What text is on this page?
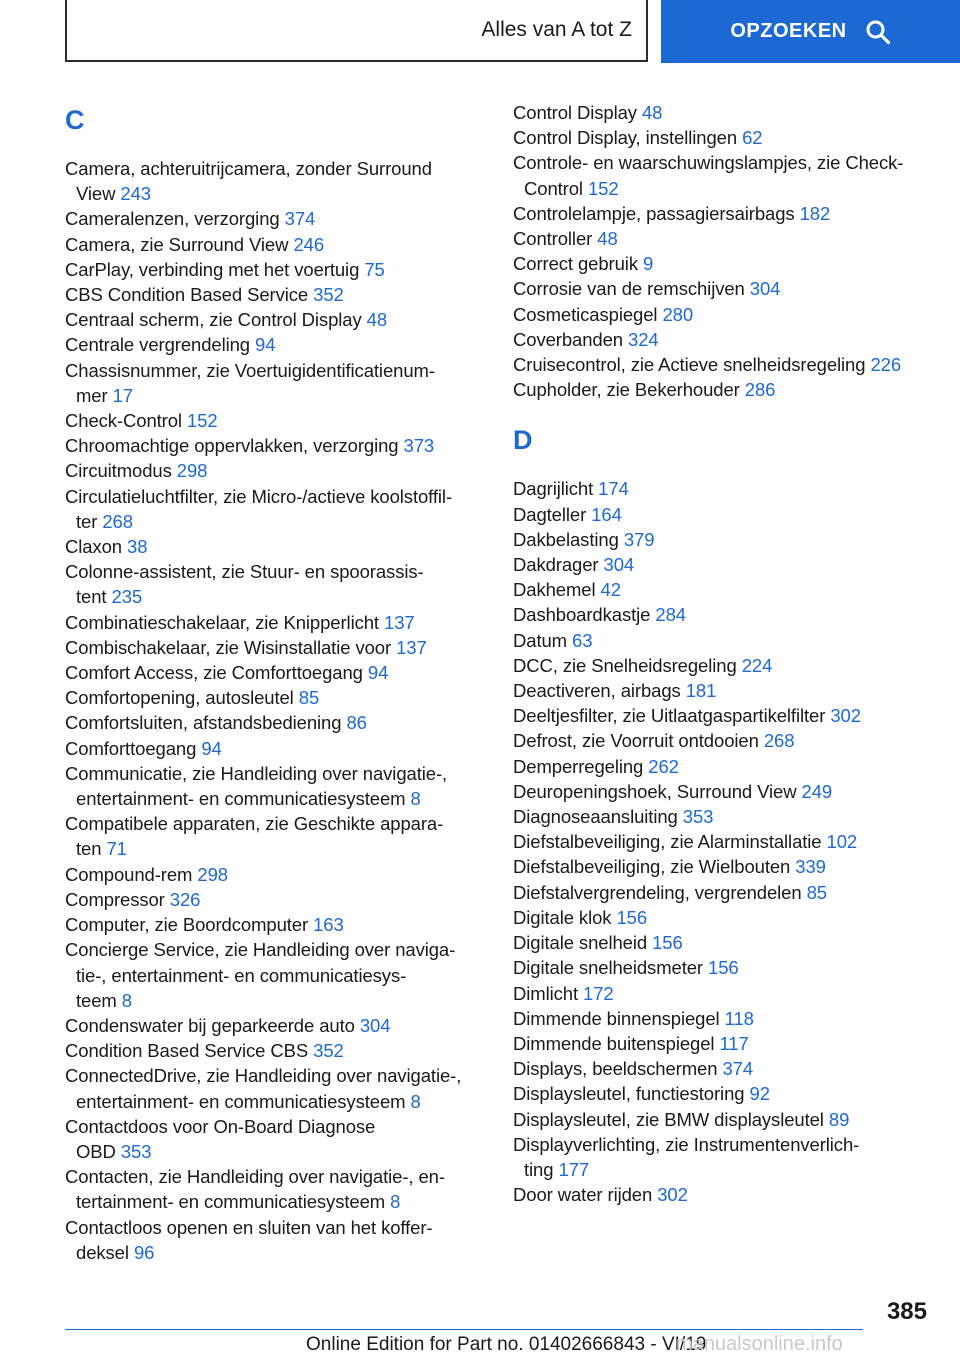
Alles van A tot Z	OPZOEKEN
C

Camera, achteruitrijcamera, zonder Surround
View 243

Cameralenzen, verzorging 374

Camera, zie Surround View 246

CarPlay, verbinding met het voertuig 75

CBS Condition Based Service 352

Centraal scherm, zie Control Display 48

Centrale vergrendeling 94

Chassisnummer, zie Voertuigidentificatienum-
mer 17

Check-Control 152

Chroomachtige oppervlakken, verzorging 373

Circuitmodus 298

Circulatieluchtfilter, zie Micro-/actieve koolstoffil-
ter 268

Claxon 38

Colonne-assistent, zie Stuur- en spoorassis-
tent 235

Combinatieschakelaar, zie Knipperlicht 137

Combischakelaar, zie Wisinstallatie voor 137

Comfort Access, zie Comforttoegang 94

Comfortopening, autosleutel 85

Comfortsluiten, afstandsbediening 86

Comforttoegang 94

Communicatie, zie Handleiding over navigatie-,
entertainment- en communicatiesysteem 8

Compatibele apparaten, zie Geschikte appara-
ten 71

Compound-rem 298

Compressor 326

Computer, zie Boordcomputer 163

Concierge Service, zie Handleiding over naviga-
tie-, entertainment- en communicatiesys-
teem 8

Condenswater bij geparkeerde auto 304

Condition Based Service CBS 352

ConnectedDrive, zie Handleiding over navigatie-,
entertainment- en communicatiesysteem 8

Contactdoos voor On-Board Diagnose
OBD 353

Contacten, zie Handleiding over navigatie-, en-
tertainment- en communicatiesysteem 8

Contactloos openen en sluiten van het koffer-
deksel 96

Control Display 48

Control Display, instellingen 62

Controle- en waarschuwingslampjes, zie Check-
Control 152

Controlelampje, passagiersairbags 182

Controller 48

Correct gebruik 9

Corrosie van de remschijven 304

Cosmeticaspiegel 280

Coverbanden 324

Cruisecontrol, zie Actieve snelheidsregeling 226

Cupholder, zie Bekerhouder 286

D

Dagrijlicht 174

Dagteller 164

Dakbelasting 379

Dakdrager 304

Dakhemel 42

Dashboardkastje 284

Datum 63

DCC, zie Snelheidsregeling 224

Deactiveren, airbags 181

Deeltjesfilter, zie Uitlaatgaspartikelfilter 302

Defrost, zie Voorruit ontdooien 268

Demperregeling 262

Deuropeningshoek, Surround View 249

Diagnoseaansluiting 353

Diefstalbeveiliging, zie Alarminstallatie 102

Diefstalbeveiliging, zie Wielbouten 339

Diefstalvergrendeling, vergrendelen 85

Digitale klok 156

Digitale snelheid 156

Digitale snelheidsmeter 156

Dimlicht 172

Dimmende binnenspiegel 118

Dimmende buitenspiegel 117

Displays, beeldschermen 374

Displaysleutel, functiestoring 92

Displaysleutel, zie BMW displaysleutel 89

Displayverlichting, zie Instrumentenverlich-
ting 177

Door water rijden 302

385
Online Edition for Part no. 01402666843 - VI/19
manualsonline.info
